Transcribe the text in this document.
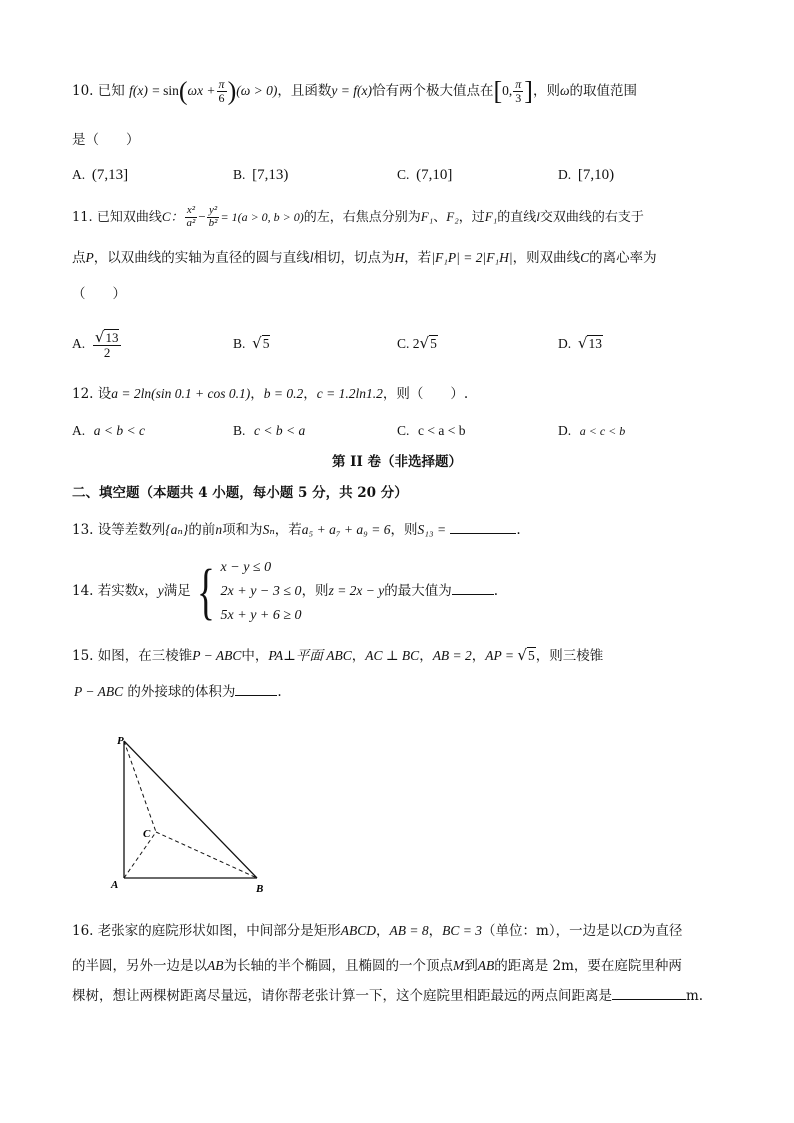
10. 已知 $f(x) = \sin(\omega x + \frac{\pi}{6} )(\omega > 0)$，且函数y = f(x)恰有两个极大值点在[0, $\frac{\pi}{3}$ ]，则ω的取值范围
是（　　）
A. (7,13]	B. [7,13)	C. (7,10]	D. [7,10)
11. 已知双曲线C： $\frac{\text{x²}}{\text{a²}} - \frac{\text{y²}}{\text{b²}} = 1(a > 0$, b > 0)的左，右焦点分别为F₁、F₂，过F₁的直线l交双曲线的右支于
点P，以双曲线的实轴为直径的圆与直线l相切，切点为H，若|F₁P| = 2|F₁H|，则双曲线C的离心率为
（　　）
A. $\frac{√13}{2}$	B. √5	C. 2√5	D. √13
12. 设a = 2ln(sin 0.1 + cos 0.1)，b = 0.2，c = 1.2ln1.2，则（　　）.
A. a < b < c	B. c < b < a	C. c < a < b	D. a < c < b
第 II 卷（非选择题）
二、填空题（本题共 4 小题，每小题 5 分，共 20 分）
13. 设等差数列{aₙ}的前n项和为Sₙ，若a₅ + a₇ + a₉ = 6，则S₁₃ =	.
14. 若实数x，y满足{ x − y ≤ 0
2x + y − 3 ≤ 0
5x + y + 6 ≥ 0
，则z = 2x − y的最大值为	.
15. 如图，在三棱锥P − ABC中，PA⊥平面 ABC，AC ⊥ BC，AB = 2，AP = √5，则三棱锥
P − ABC 的外接球的体积为	.
P
C
A	B
16. 老张家的庭院形状如图，中间部分是矩形ABCD，AB = 8，BC = 3（单位：m），一边是以CD为直径
的半圆，另外一边是以AB为长轴的半个椭圆，且椭圆的一个顶点M到AB的距离是 2m，要在庭院里种两
棵树，想让两棵树距离尽量远，请你帮老张计算一下，这个庭院里相距最远的两点间距离是	m.
